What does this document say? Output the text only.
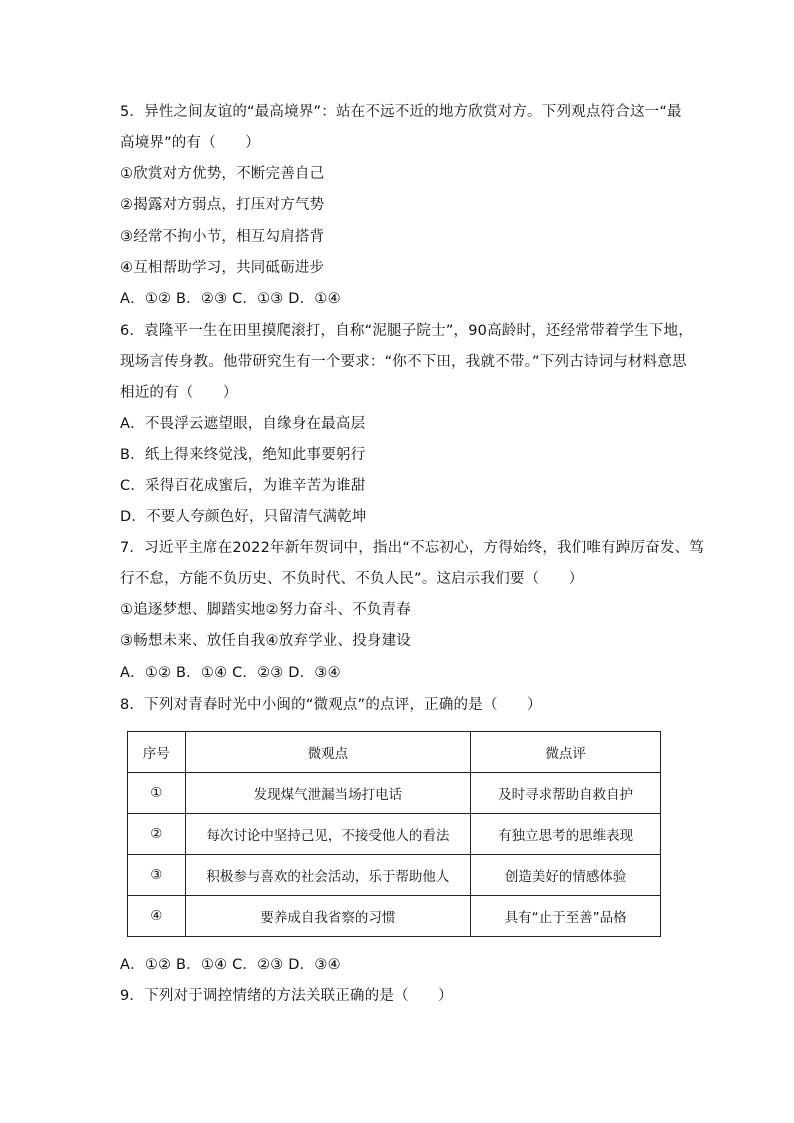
5．异性之间友谊的“最高境界”：站在不远不近的地方欣赏对方。下列观点符合这一“最
高境界”的有（　　）
①欣赏对方优势，不断完善自己
②揭露对方弱点，打压对方气势
③经常不拘小节，相互勾肩搭背
④互相帮助学习，共同砥砺进步
A．①② B．②③ C．①③ D．①④
6．袁隆平一生在田里摸爬滚打，自称“泥腿子院士”，90高龄时，还经常带着学生下地，
现场言传身教。他带研究生有一个要求：“你不下田，我就不带。”下列古诗词与材料意思
相近的有（　　）
A．不畏浮云遮望眼，自缘身在最高层
B．纸上得来终觉浅，绝知此事要躬行
C．采得百花成蜜后，为谁辛苦为谁甜
D．不要人夸颜色好，只留清气满乾坤
7．习近平主席在2022年新年贺词中，指出“不忘初心，方得始终，我们唯有踔厉奋发、笃
行不怠，方能不负历史、不负时代、不负人民”。这启示我们要（　　）
①追逐梦想、脚踏实地②努力奋斗、不负青春
③畅想未来、放任自我④放弃学业、投身建设
A．①② B．①④ C．②③ D．③④
8．下列对青春时光中小闽的“微观点”的点评，正确的是（　　）
序号	微观点	微点评
①	发现煤气泄漏当场打电话	及时寻求帮助自救自护
②	每次讨论中坚持己见，不接受他人的看法	有独立思考的思维表现
③	积极参与喜欢的社会活动，乐于帮助他人	创造美好的情感体验
④	要养成自我省察的习惯	具有“止于至善”品格
A．①② B．①④ C．②③ D．③④
9．下列对于调控情绪的方法关联正确的是（　　）
